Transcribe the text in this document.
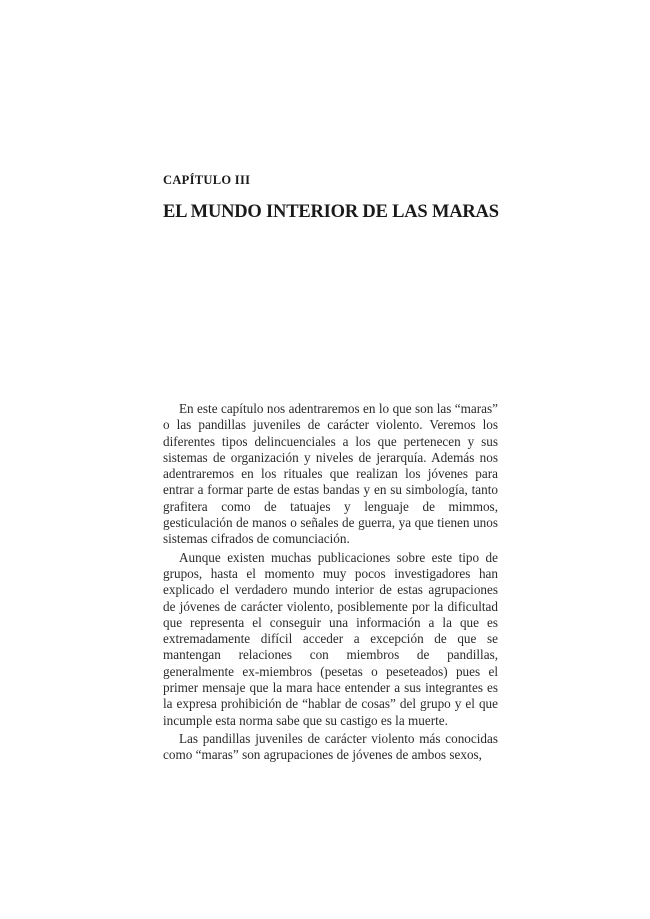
CAPÍTULO III
EL MUNDO INTERIOR DE LAS MARAS

En este capítulo nos adentraremos en lo que son las “maras” o las pandillas juveniles de carácter violento. Veremos los diferentes tipos delincuenciales a los que pertenecen y sus sistemas de organización y niveles de jerarquía. Además nos adentraremos en los rituales que realizan los jóvenes para entrar a formar parte de estas bandas y en su simbología, tanto grafitera como de tatuajes y lenguaje de mimmos, gesticulación de manos o señales de guerra, ya que tienen unos sistemas cifrados de comunciación.

Aunque existen muchas publicaciones sobre este tipo de grupos, hasta el momento muy pocos investigadores han explicado el verdadero mundo interior de estas agrupaciones de jóvenes de carácter violento, posiblemente por la dificultad que representa el conseguir una información a la que es extremadamente difícil acceder a excepción de que se mantengan relaciones con miembros de pandillas, generalmente ex-miembros (pesetas o peseteados) pues el primer mensaje que la mara hace entender a sus integrantes es la expresa prohibición de “hablar de cosas” del grupo y el que incumple esta norma sabe que su castigo es la muerte.

Las pandillas juveniles de carácter violento más conocidas como “maras” son agrupaciones de jóvenes de ambos sexos,
